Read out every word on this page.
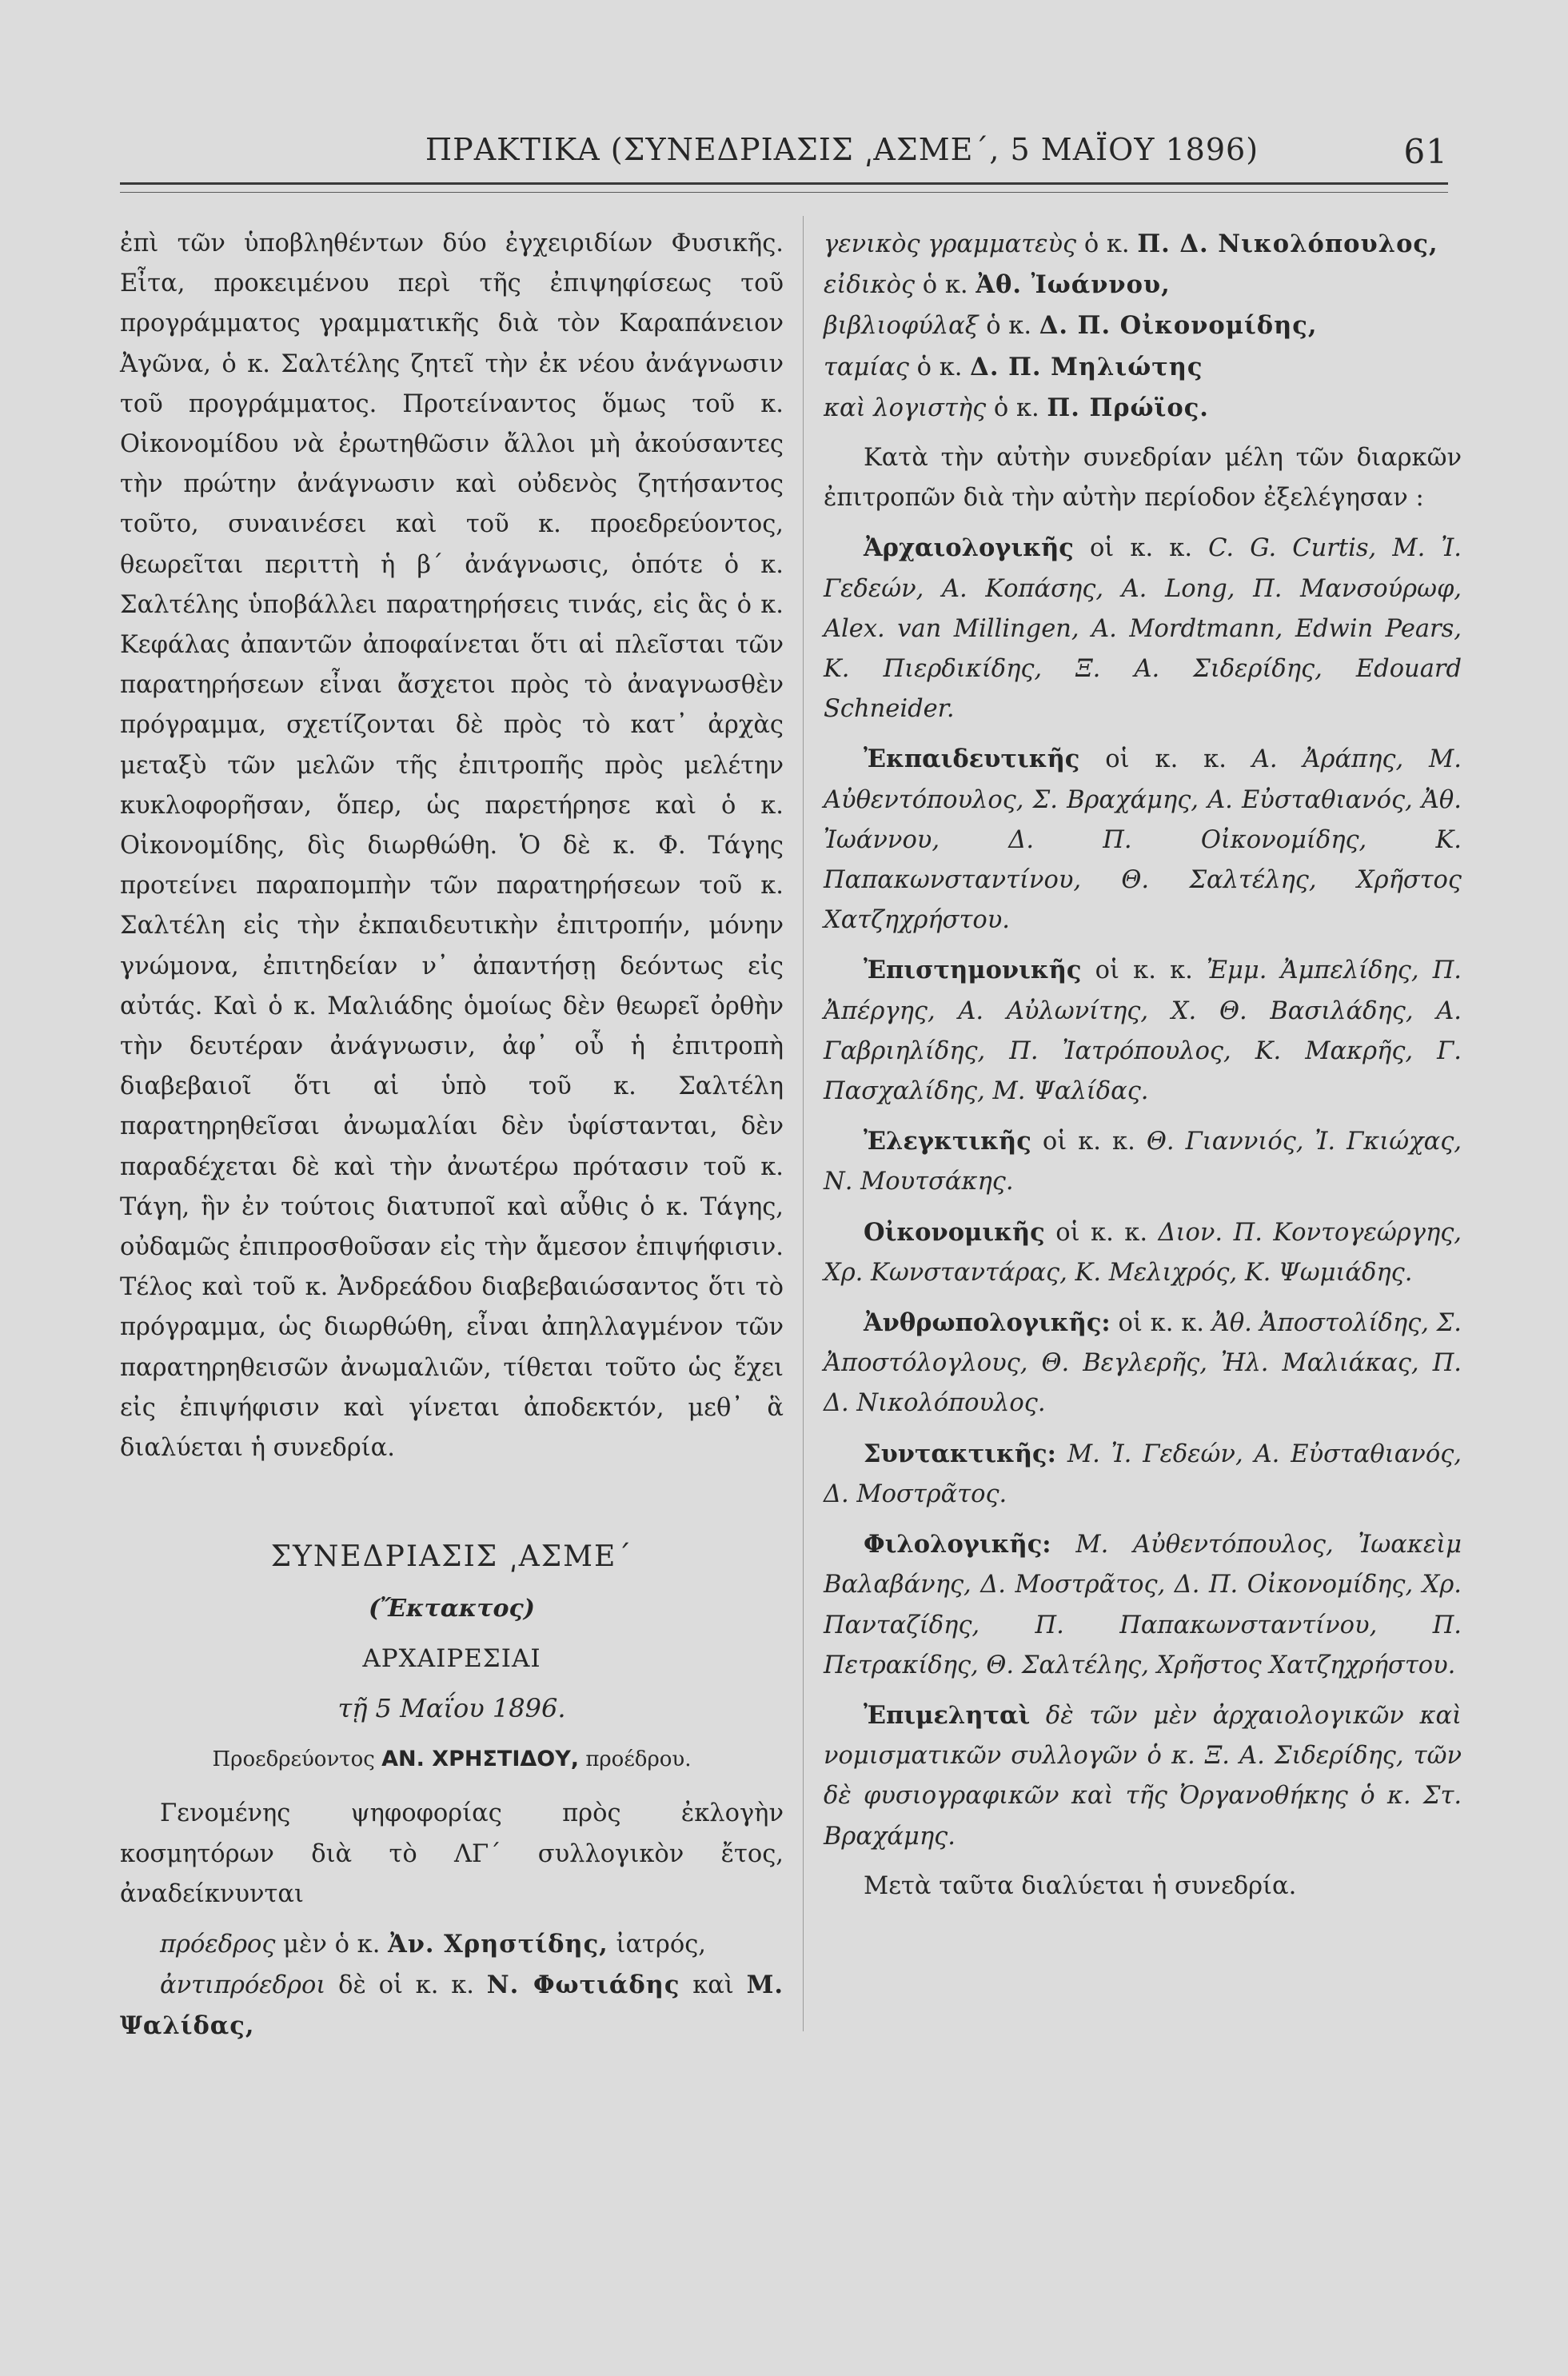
ΠΡΑΚΤΙΚΑ (ΣΥΝΕΔΡΙΑΣΙΣ ͵ΑΣΜΕ΄, 5 ΜΑΪΟΥ 1896)	61

ἐπὶ τῶν ὑποβληθέντων δύο ἐγχειριδίων Φυσικῆς. Εἶτα, προκειμένου περὶ τῆς ἐπιψηφίσεως τοῦ προγράμματος γραμματικῆς διὰ τὸν Καραπάνειον Ἀγῶνα, ὁ κ. Σαλτέλης ζητεῖ τὴν ἐκ νέου ἀνάγνωσιν τοῦ προγράμματος. Προτείναντος ὅμως τοῦ κ. Οἰκονομίδου νὰ ἐρωτηθῶσιν ἄλλοι μὴ ἀκούσαντες τὴν πρώτην ἀνάγνωσιν καὶ οὐδενὸς ζητήσαντος τοῦτο, συναινέσει καὶ τοῦ κ. προεδρεύοντος, θεωρεῖται περιττὴ ἡ β΄ ἀνάγνωσις, ὁπότε ὁ κ. Σαλτέλης ὑποβάλλει παρατηρήσεις τινάς, εἰς ἃς ὁ κ. Κεφάλας ἀπαντῶν ἀποφαίνεται ὅτι αἱ πλεῖσται τῶν παρατηρήσεων εἶναι ἄσχετοι πρὸς τὸ ἀναγνωσθὲν πρόγραμμα, σχετίζονται δὲ πρὸς τὸ κατ᾽ ἀρχὰς μεταξὺ τῶν μελῶν τῆς ἐπιτροπῆς πρὸς μελέτην κυκλοφορῆσαν, ὅπερ, ὡς παρετήρησε καὶ ὁ κ. Οἰκονομίδης, δὶς διωρθώθη. Ὁ δὲ κ. Φ. Τάγης προτείνει παραπομπὴν τῶν παρατηρήσεων τοῦ κ. Σαλτέλη εἰς τὴν ἐκπαιδευτικὴν ἐπιτροπήν, μόνην γνώμονα, ἐπιτηδείαν ν᾽ ἀπαντήσῃ δεόντως εἰς αὐτάς. Καὶ ὁ κ. Μαλιάδης ὁμοίως δὲν θεωρεῖ ὀρθὴν τὴν δευτέραν ἀνάγνωσιν, ἀφ᾽ οὗ ἡ ἐπιτροπὴ διαβεβαιοῖ ὅτι αἱ ὑπὸ τοῦ κ. Σαλτέλη παρατηρηθεῖσαι ἀνωμαλίαι δὲν ὑφίστανται, δὲν παραδέχεται δὲ καὶ τὴν ἀνωτέρω πρότασιν τοῦ κ. Τάγη, ἣν ἐν τούτοις διατυποῖ καὶ αὖθις ὁ κ. Τάγης, οὐδαμῶς ἐπιπροσθοῦσαν εἰς τὴν ἄμεσον ἐπιψήφισιν. Τέλος καὶ τοῦ κ. Ἀνδρεάδου διαβεβαιώσαντος ὅτι τὸ πρόγραμμα, ὡς διωρθώθη, εἶναι ἀπηλλαγμένον τῶν παρατηρηθεισῶν ἀνωμαλιῶν, τίθεται τοῦτο ὡς ἔχει εἰς ἐπιψήφισιν καὶ γίνεται ἀποδεκτόν, μεθ᾽ ἃ διαλύεται ἡ συνεδρία.

ΣΥΝΕΔΡΙΑΣΙΣ ͵ΑΣΜΕ΄

(Ἔκτακτος)

ΑΡΧΑΙΡΕΣΙΑΙ

τῇ 5 Μαΐου 1896.

Προεδρεύοντος ΑΝ. ΧΡΗΣΤΙΔΟΥ, προέδρου.

Γενομένης ψηφοφορίας πρὸς ἐκλογὴν κοσμητόρων διὰ τὸ ΛΓ΄ συλλογικὸν ἔτος, ἀναδείκνυνται

πρόεδρος μὲν ὁ κ. Ἀν. Χρηστίδης, ἰατρός,

ἀντιπρόεδροι δὲ οἱ κ. κ. Ν. Φωτιάδης καὶ Μ. Ψαλίδας,

γενικὸς γραμματεὺς ὁ κ. Π. Δ. Νικολόπουλος,

εἰδικὸς ὁ κ. Ἀθ. Ἰωάννου,

βιβλιοφύλαξ ὁ κ. Δ. Π. Οἰκονομίδης,

ταμίας ὁ κ. Δ. Π. Μηλιώτης

καὶ λογιστὴς ὁ κ. Π. Πρώϊος.

Κατὰ τὴν αὐτὴν συνεδρίαν μέλη τῶν διαρκῶν ἐπιτροπῶν διὰ τὴν αὐτὴν περίοδον ἐξελέγησαν :

Ἀρχαιολογικῆς οἱ κ. κ. C. G. Curtis, Μ. Ἰ. Γεδεών, Α. Κοπάσης, Α. Long, Π. Μανσούρωφ, Alex. van Millingen, Α. Mordtmann, Edwin Pears, Κ. Πιερδικίδης, Ξ. Α. Σιδερίδης, Edouard Schneider.

Ἐκπαιδευτικῆς οἱ κ. κ. Α. Ἀράπης, Μ. Αὐθεντόπουλος, Σ. Βραχάμης, Α. Εὐσταθιανός, Ἀθ. Ἰωάννου, Δ. Π. Οἰκονομίδης, Κ. Παπακωνσταντίνου, Θ. Σαλτέλης, Χρῆστος Χατζηχρήστου.

Ἐπιστημονικῆς οἱ κ. κ. Ἐμμ. Ἀμπελίδης, Π. Ἀπέργης, Α. Αὐλωνίτης, Χ. Θ. Βασιλάδης, Α. Γαβριηλίδης, Π. Ἰατρόπουλος, Κ. Μακρῆς, Γ. Πασχαλίδης, Μ. Ψαλίδας.

Ἐλεγκτικῆς οἱ κ. κ. Θ. Γιαννιός, Ἰ. Γκιώχας, Ν. Μουτσάκης.

Οἰκονομικῆς οἱ κ. κ. Διον. Π. Κοντογεώργης, Χρ. Κωνσταντάρας, Κ. Μελιχρός, Κ. Ψωμιάδης.

Ἀνθρωπολογικῆς: οἱ κ. κ. Ἀθ. Ἀποστολίδης, Σ. Ἀποστόλογλους, Θ. Βεγλερῆς, Ἠλ. Μαλιάκας, Π. Δ. Νικολόπουλος.

Συντακτικῆς: Μ. Ἰ. Γεδεών, Α. Εὐσταθιανός, Δ. Μοστρᾶτος.

Φιλολογικῆς: Μ. Αὐθεντόπουλος, Ἰωακεὶμ Βαλαβάνης, Δ. Μοστρᾶτος, Δ. Π. Οἰκονομίδης, Χρ. Πανταζίδης, Π. Παπακωνσταντίνου, Π. Πετρακίδης, Θ. Σαλτέλης, Χρῆστος Χατζηχρήστου.

Ἐπιμεληταὶ δὲ τῶν μὲν ἀρχαιολογικῶν καὶ νομισματικῶν συλλογῶν ὁ κ. Ξ. Α. Σιδερίδης, τῶν δὲ φυσιογραφικῶν καὶ τῆς Ὀργανοθήκης ὁ κ. Στ. Βραχάμης.

Μετὰ ταῦτα διαλύεται ἡ συνεδρία.
